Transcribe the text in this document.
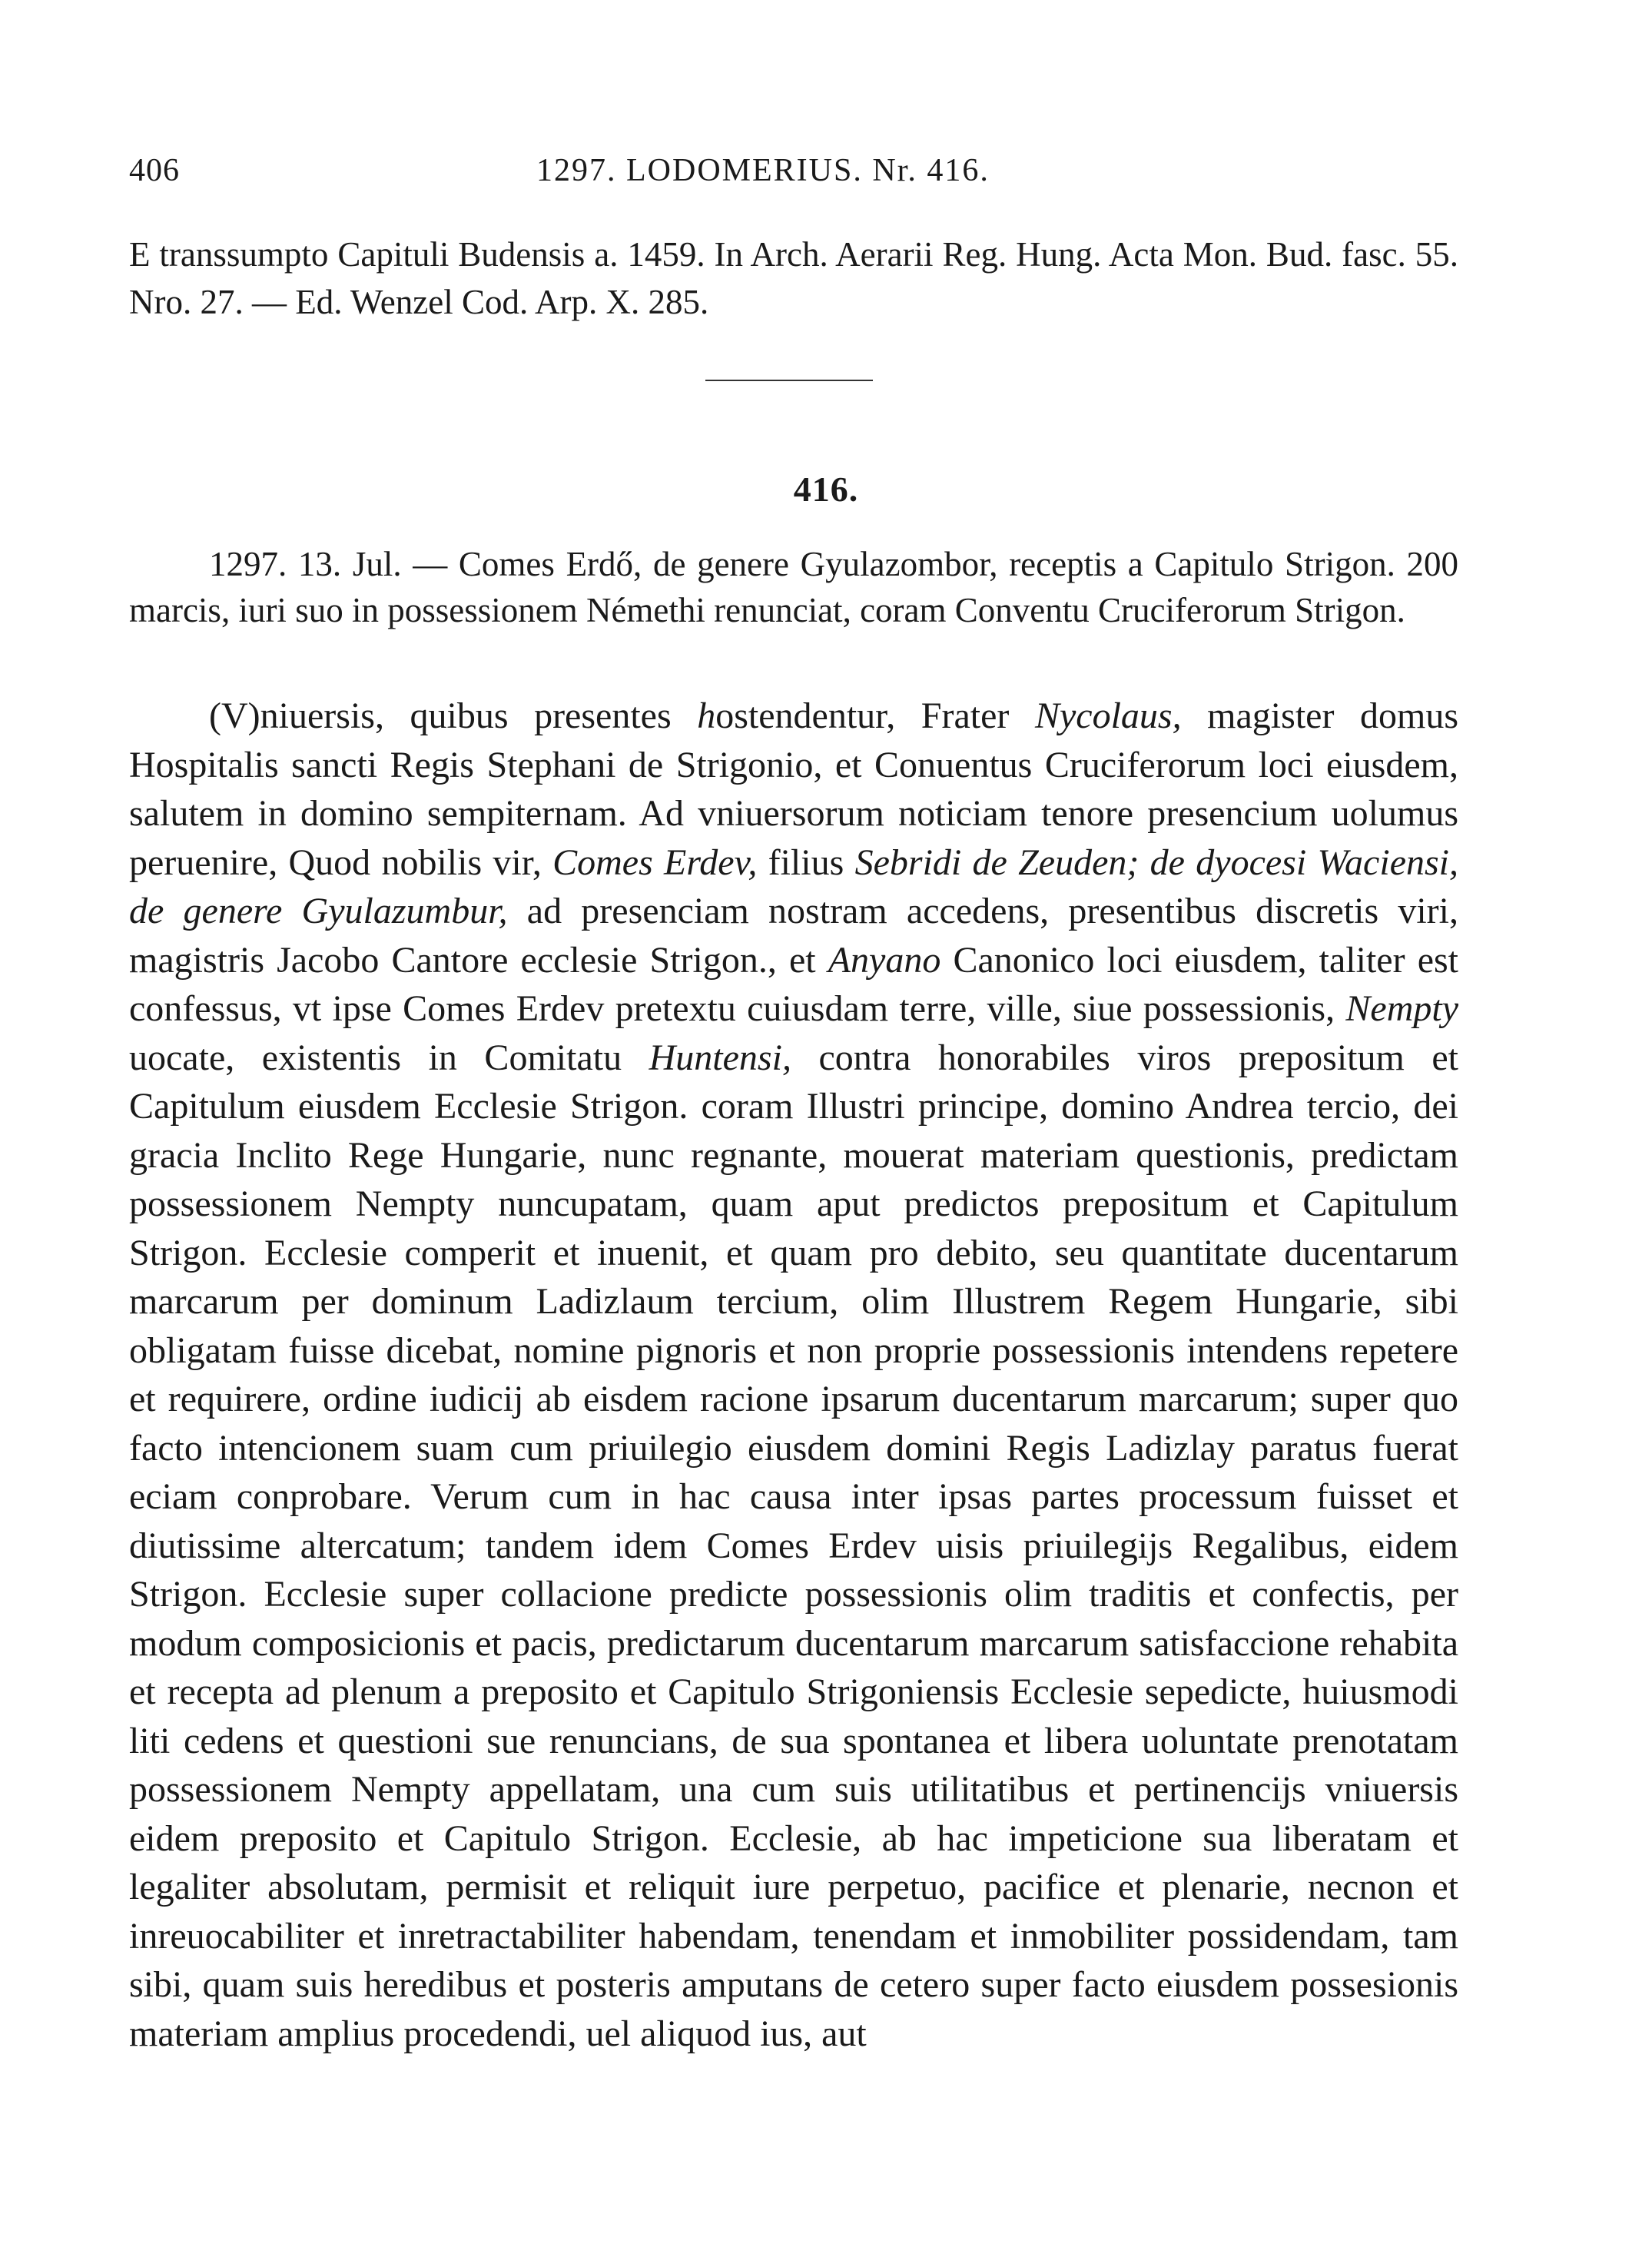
406	1297. LODOMERIUS. Nr. 416.
E transsumpto Capituli Budensis a. 1459. In Arch. Aerarii Reg. Hung. Acta Mon. Bud. fasc. 55. Nro. 27. — Ed. Wenzel Cod. Arp. X. 285.
416.
1297. 13. Jul. — Comes Erdő, de genere Gyulazombor, receptis a Capitulo Strigon. 200 marcis, iuri suo in possessionem Némethi renunciat, coram Conventu Cruciferorum Strigon.
(V)niuersis, quibus presentes hostendentur, Frater Nycolaus, magister domus Hospitalis sancti Regis Stephani de Strigonio, et Conuentus Cruciferorum loci eiusdem, salutem in domino sempiternam. Ad vniuersorum noticiam tenore presencium uolumus peruenire, Quod nobilis vir, Comes Erdev, filius Sebridi de Zeuden; de dyocesi Waciensi, de genere Gyulazumbur, ad presenciam nostram accedens, presentibus discretis viri, magistris Jacobo Cantore ecclesie Strigon., et Anyano Canonico loci eiusdem, taliter est confessus, vt ipse Comes Erdev pretextu cuiusdam terre, ville, siue possessionis, Nempty uocate, existentis in Comitatu Huntensi, contra honorabiles viros prepositum et Capitulum eiusdem Ecclesie Strigon. coram Illustri principe, domino Andrea tercio, dei gracia Inclito Rege Hungarie, nunc regnante, mouerat materiam questionis, predictam possessionem Nempty nuncupatam, quam aput predictos prepositum et Capitulum Strigon. Ecclesie comperit et inuenit, et quam pro debito, seu quantitate ducentarum marcarum per dominum Ladizlaum tercium, olim Illustrem Regem Hungarie, sibi obligatam fuisse dicebat, nomine pignoris et non proprie possessionis intendens repetere et requirere, ordine iudicij ab eisdem racione ipsarum ducentarum marcarum; super quo facto intencionem suam cum priuilegio eiusdem domini Regis Ladizlay paratus fuerat eciam conprobare. Verum cum in hac causa inter ipsas partes processum fuisset et diutissime altercatum; tandem idem Comes Erdev uisis priuilegijs Regalibus, eidem Strigon. Ecclesie super collacione predicte possessionis olim traditis et confectis, per modum composicionis et pacis, predictarum ducentarum marcarum satisfaccione rehabita et recepta ad plenum a preposito et Capitulo Strigoniensis Ecclesie sepedicte, huiusmodi liti cedens et questioni sue renuncians, de sua spontanea et libera uoluntate prenotatam possessionem Nempty appellatam, una cum suis utilitatibus et pertinencijs vniuersis eidem preposito et Capitulo Strigon. Ecclesie, ab hac impeticione sua liberatam et legaliter absolutam, permisit et reliquit iure perpetuo, pacifice et plenarie, necnon et inreuocabiliter et inretractabiliter habendam, tenendam et inmobiliter possidendam, tam sibi, quam suis heredibus et posteris amputans de cetero super facto eiusdem possesionis materiam amplius procedendi, uel aliquod ius, aut
